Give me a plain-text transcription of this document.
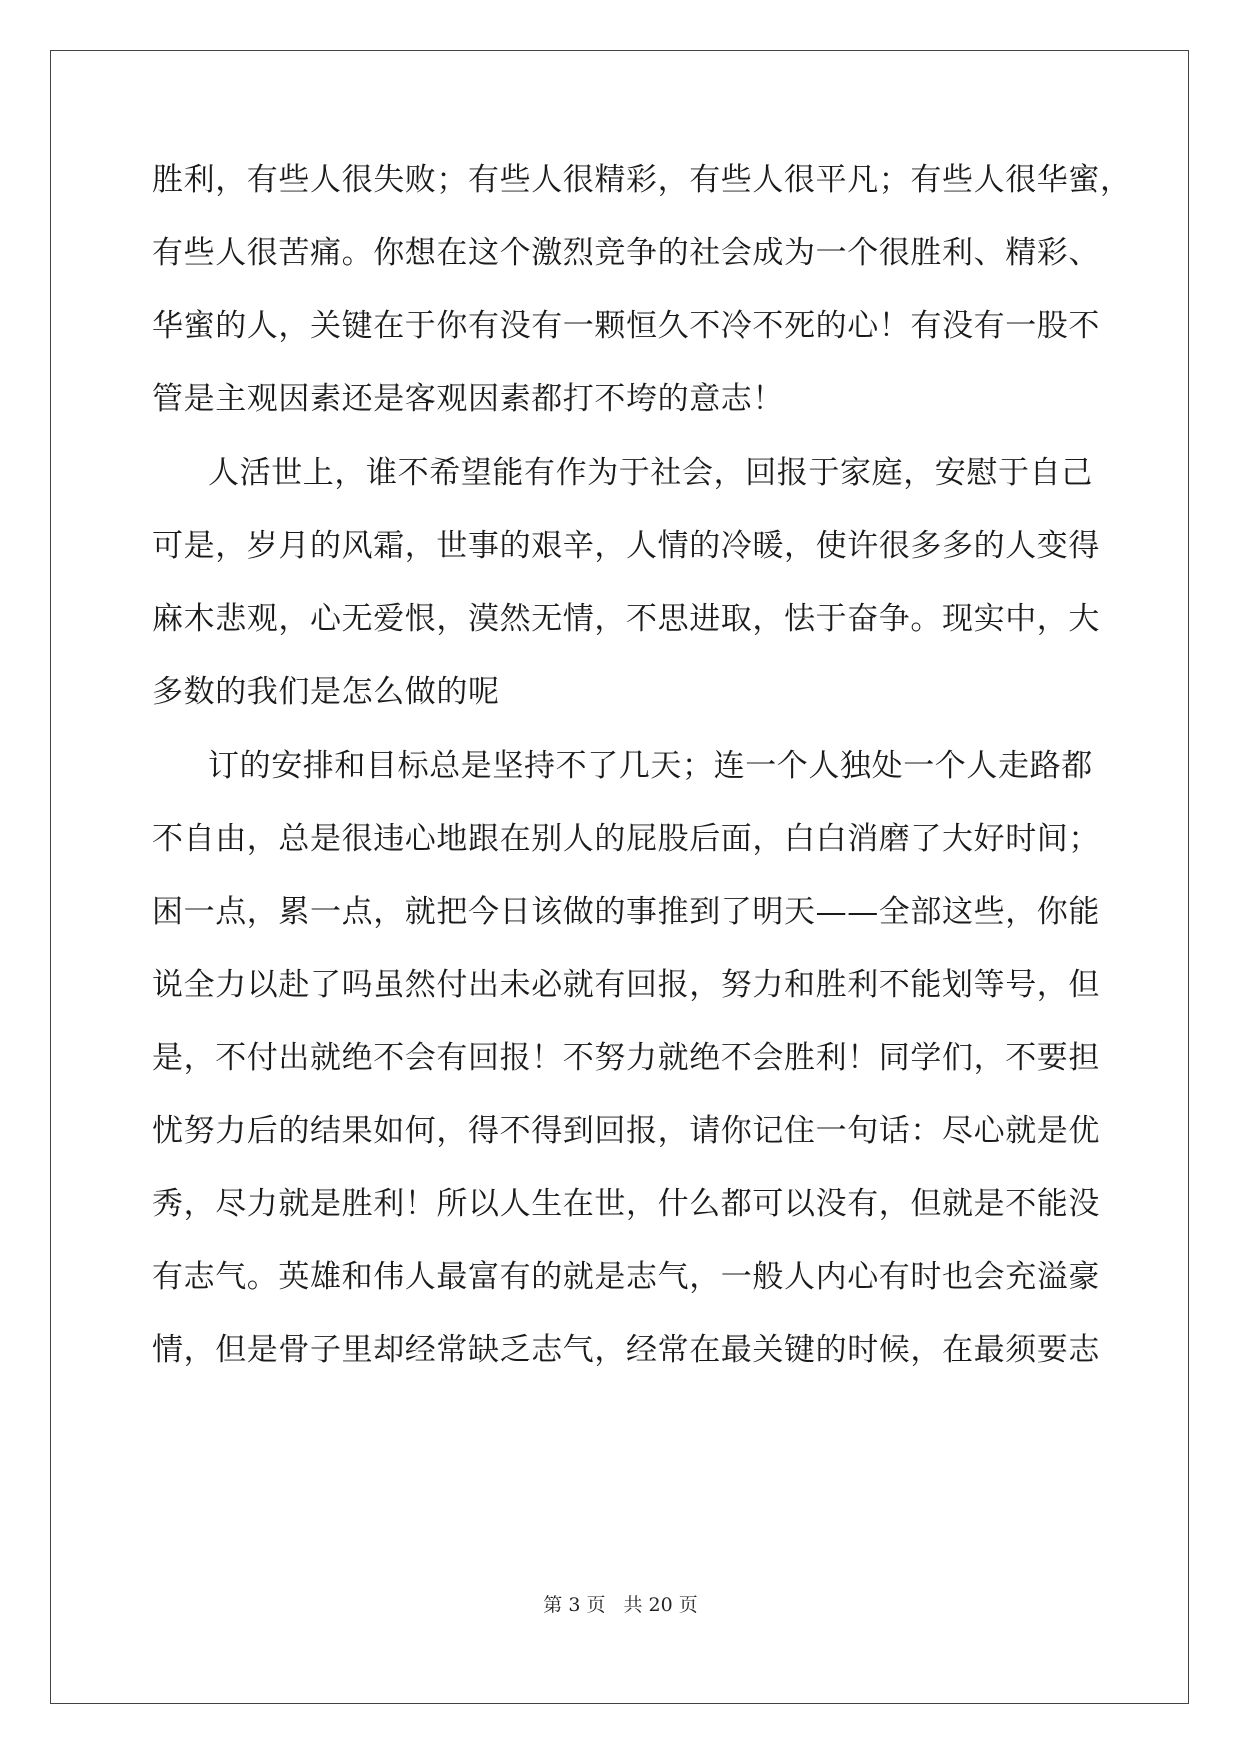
胜利，有些人很失败；有些人很精彩，有些人很平凡；有些人很华蜜，
有些人很苦痛。你想在这个激烈竞争的社会成为一个很胜利、精彩、
华蜜的人，关键在于你有没有一颗恒久不冷不死的心！有没有一股不
管是主观因素还是客观因素都打不垮的意志！
人活世上，谁不希望能有作为于社会，回报于家庭，安慰于自己
可是，岁月的风霜，世事的艰辛，人情的冷暖，使许很多多的人变得
麻木悲观，心无爱恨，漠然无情，不思进取，怯于奋争。现实中，大
多数的我们是怎么做的呢
订的安排和目标总是坚持不了几天；连一个人独处一个人走路都
不自由，总是很违心地跟在别人的屁股后面，白白消磨了大好时间；
困一点，累一点，就把今日该做的事推到了明天——全部这些，你能
说全力以赴了吗虽然付出未必就有回报，努力和胜利不能划等号，但
是，不付出就绝不会有回报！不努力就绝不会胜利！同学们，不要担
忧努力后的结果如何，得不得到回报，请你记住一句话：尽心就是优
秀，尽力就是胜利！所以人生在世，什么都可以没有，但就是不能没
有志气。英雄和伟人最富有的就是志气，一般人内心有时也会充溢豪
情，但是骨子里却经常缺乏志气，经常在最关键的时候，在最须要志
第 3 页 共 20 页
